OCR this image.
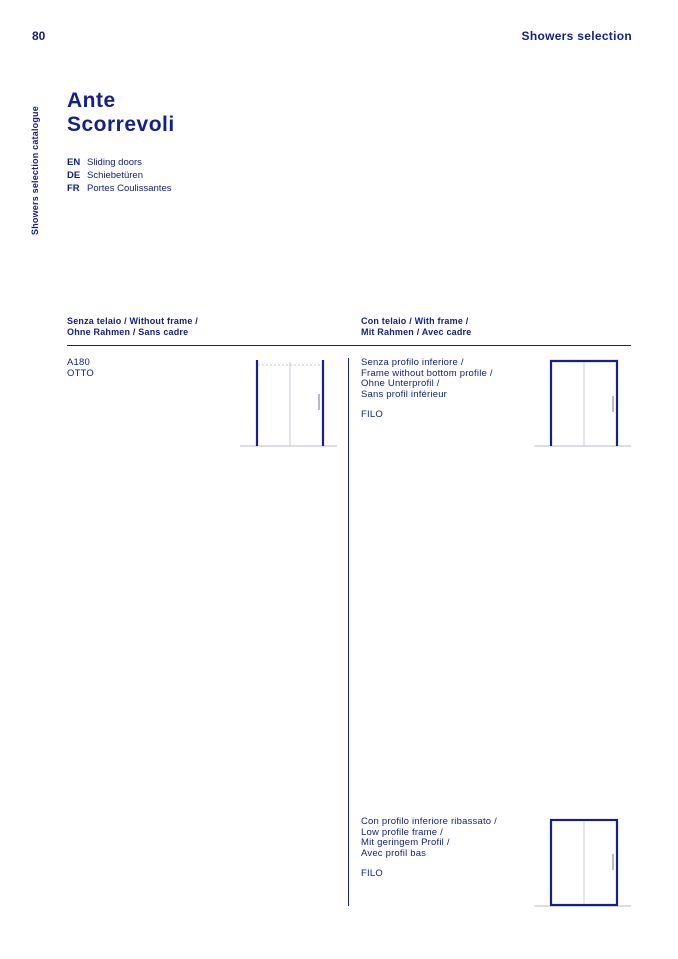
80	Showers selection
Showers selection catalogue
Ante
Scorrevoli
EN Sliding doors
DE Schiebetüren
FR Portes Coulissantes
Senza telaio / Without frame /
Ohne Rahmen / Sans cadre
Con telaio / With frame /
Mit Rahmen / Avec cadre
A180
OTTO
Senza profilo inferiore /
Frame without bottom profile /
Ohne Unterprofil /
Sans profil inférieur
FILO
Con profilo inferiore ribassato /
Low profile frame /
Mit geringem Profil /
Avec profil bas
FILO
